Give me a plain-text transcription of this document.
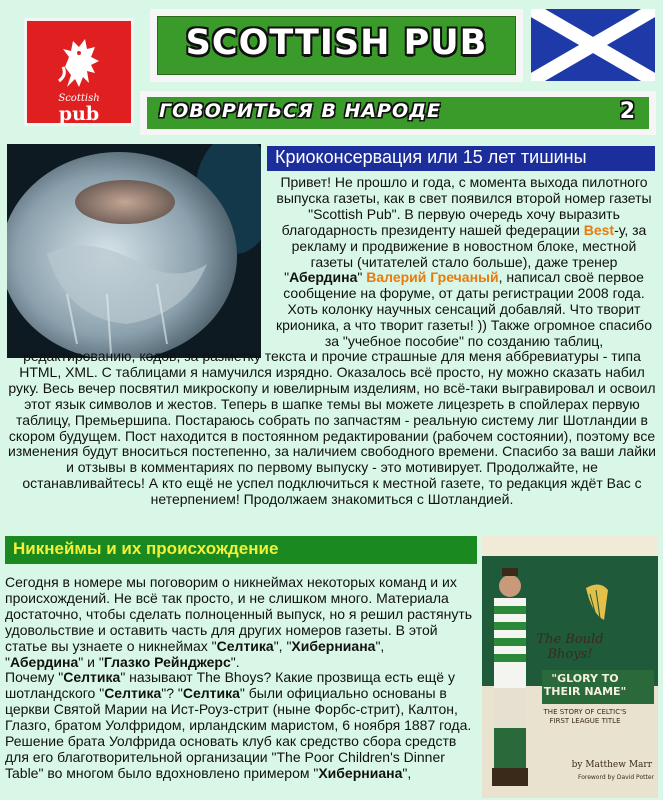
Scottish
pub
SCOTTISH PUB
ГОВОРИТЬСЯ В НАРОДЕ	2
Криоконсервация или 15 лет тишины
Привет! Не прошло и года, с момента выхода пилотного выпуска газеты, как в свет появился второй номер газеты "Scottish Pub". В первую очередь хочу выразить благодарность президенту нашей федерации Best-у, за рекламу и продвижение в новостном блоке, местной газеты (читателей стало больше), даже тренер "Абердина" Валерий Гречаный, написал своё первое сообщение на форуме, от даты регистрации 2008 года. Хоть колонку научных сенсаций добавляй. Что творит крионика, а что творит газеты! )) Также огромное спасибо за "учебное пособие" по созданию таблиц,
редактированию, кодов, за разметку текста и прочие страшные для меня аббревиатуры - типа HTML, XML. С таблицами я намучился изрядно. Оказалось всё просто, ну можно сказать набил руку. Весь вечер посвятил микроскопу и ювелирным изделиям, но всё-таки выгравировал и освоил этот язык символов и жестов. Теперь в шапке темы вы можете лицезреть в спойлерах первую таблицу, Премьершипа. Постараюсь собрать по запчастям - реальную систему лиг Шотландии в скором будущем. Пост находится в постоянном редактировании (рабочем состоянии), поэтому все изменения будут вноситься постепенно, за наличием свободного времени. Спасибо за ваши лайки и отзывы в комментариях по первому выпуску - это мотивирует. Продолжайте, не останавливайтесь! А кто ещё не успел подключиться к местной газете, то редакция ждёт Вас с нетерпением! Продолжаем знакомиться с Шотландией.
Никнеймы и их происхождение
Сегодня в номере мы поговорим о никнеймах некоторых команд и их происхождений. Не всё так просто, и не слишком много. Материала достаточно, чтобы сделать полноценный выпуск, но я решил растянуть удовольствие и оставить часть для других номеров газеты. В этой статье вы узнаете о никнеймах "Селтика", "Хиберниана",
"Абердина" и "Глазко Рейнджерс".
Почему "Селтика" называют The Bhoys? Какие прозвища есть ещё у шотландского "Селтика"? "Селтика" были официально основаны в церкви Святой Марии на Ист-Роуз-стрит (ныне Форбс-стрит), Калтон, Глазго, братом Уолфридом, ирландским маристом, 6 ноября 1887 года. Решение брата Уолфрида основать клуб как средство сбора средств для его благотворительной организации "The Poor Children's Dinner Table" во многом было вдохновлено примером "Хиберниана",
The Bould
Bhoys!
"GLORY TO
THEIR NAME"
THE STORY OF CELTIC'S
FIRST LEAGUE TITLE
by Matthew Marr
Foreword by David Potter
